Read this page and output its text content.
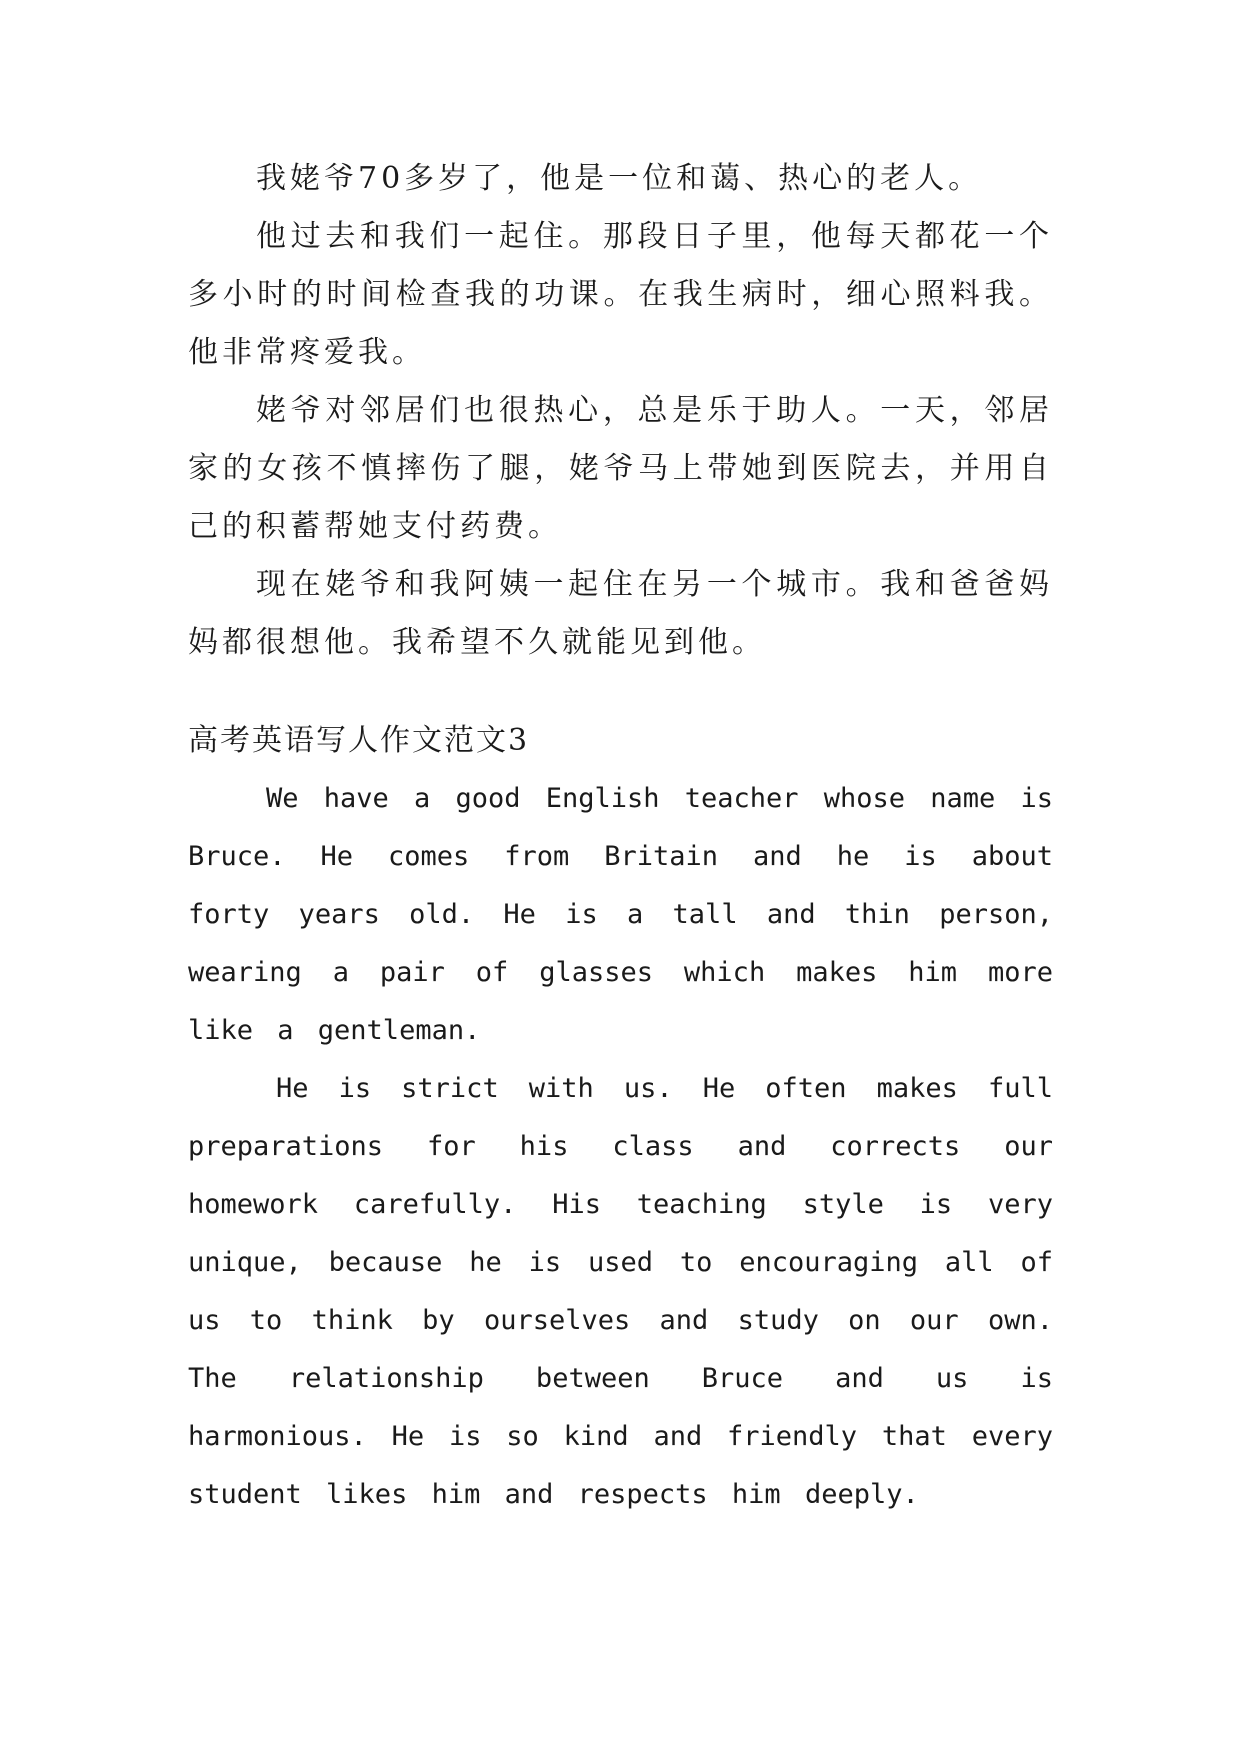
我姥爷70多岁了，他是一位和蔼、热心的老人。

他过去和我们一起住。那段日子里，他每天都花一个多小时的时间检查我的功课。在我生病时，细心照料我。他非常疼爱我。

姥爷对邻居们也很热心，总是乐于助人。一天，邻居家的女孩不慎摔伤了腿，姥爷马上带她到医院去，并用自己的积蓄帮她支付药费。

现在姥爷和我阿姨一起住在另一个城市。我和爸爸妈妈都很想他。我希望不久就能见到他。

高考英语写人作文范文3

We have a good English teacher whose name is Bruce. He comes from Britain and he is about forty years old. He is a tall and thin person, wearing a pair of glasses which makes him more like a gentleman.

He is strict with us. He often makes full preparations for his class and corrects our homework carefully. His teaching style is very unique, because he is used to encouraging all of us to think by ourselves and study on our own. The relationship between Bruce and us is harmonious. He is so kind and friendly that every student likes him and respects him deeply.
